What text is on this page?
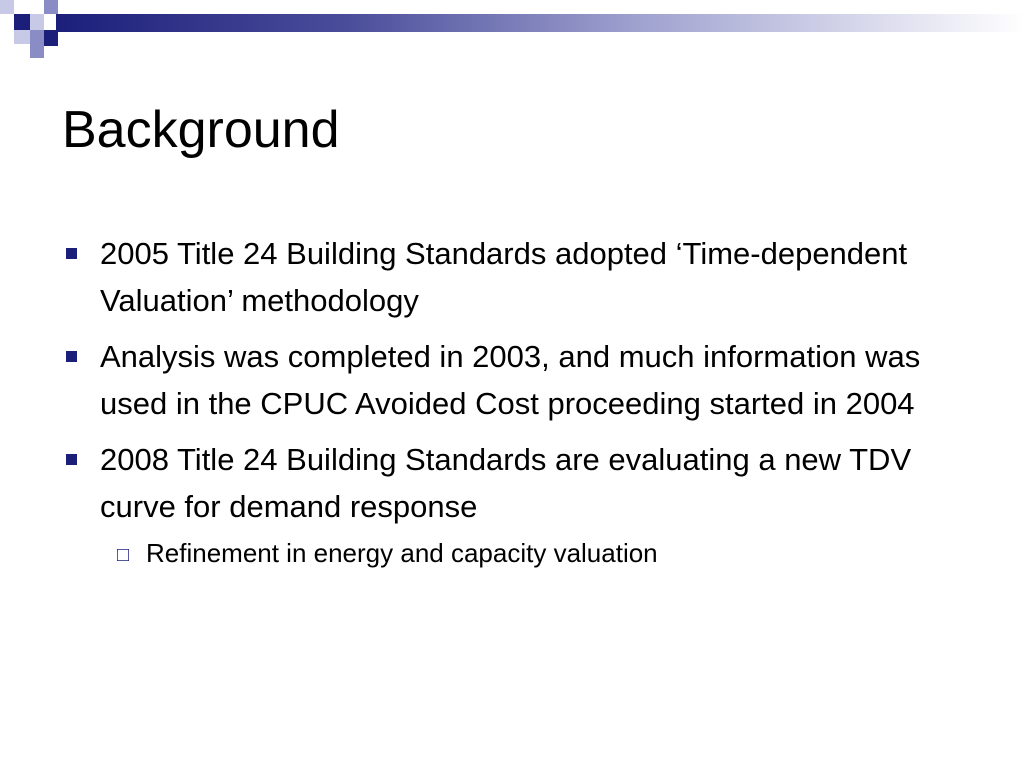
Background
2005 Title 24 Building Standards adopted ‘Time-dependent Valuation’ methodology
Analysis was completed in 2003, and much information was used in the CPUC Avoided Cost proceeding started in 2004
2008 Title 24 Building Standards are evaluating a new TDV curve for demand response
□ Refinement in energy and capacity valuation
